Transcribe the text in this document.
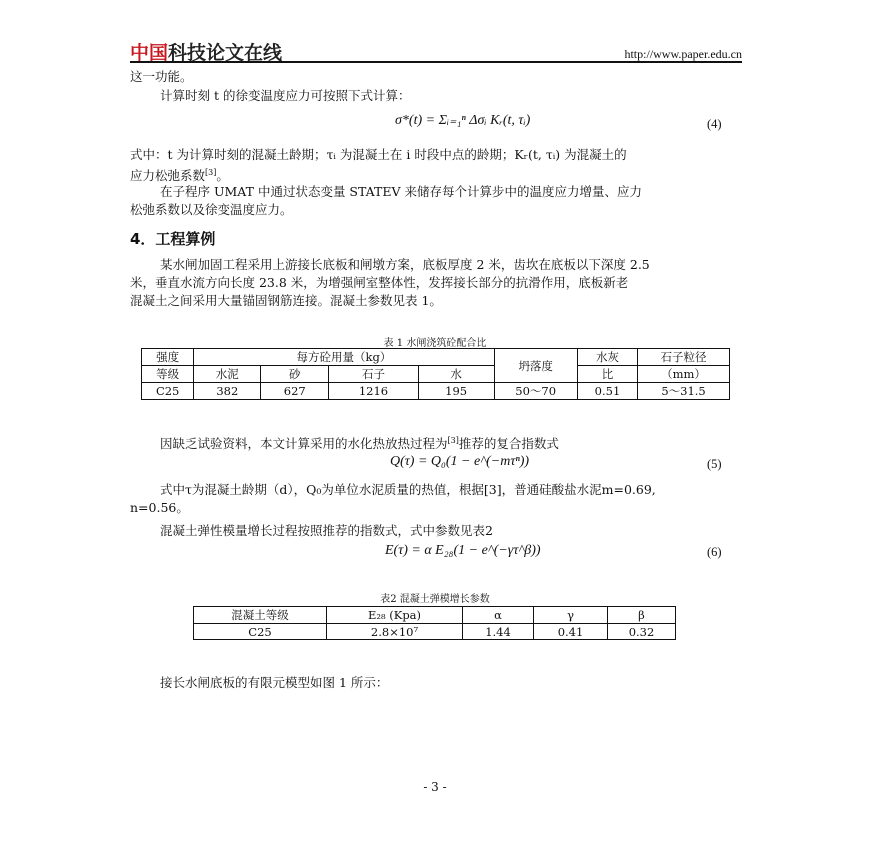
中国科技论文在线	http://www.paper.edu.cn
这一功能。
计算时刻 t 的徐变温度应力可按照下式计算：
σ*(t) = Σᵢ₌₁ⁿ Δσᵢ Kᵣ(t, τᵢ)	(4)
式中：t 为计算时刻的混凝土龄期；τᵢ 为混凝土在 i 时段中点的龄期；Kᵣ(t, τᵢ) 为混凝土的
应力松弛系数[3]。
在子程序 UMAT 中通过状态变量 STATEV 来储存每个计算步中的温度应力增量、应力
松弛系数以及徐变温度应力。
4．工程算例
某水闸加固工程采用上游接长底板和闸墩方案，底板厚度 2 米，齿坎在底板以下深度 2.5
米，垂直水流方向长度 23.8 米，为增强闸室整体性，发挥接长部分的抗滑作用，底板新老
混凝土之间采用大量锚固钢筋连接。混凝土参数见表 1。
表 1 水闸浇筑砼配合比
强度	每方砼用量（kg）				坍落度	水灰	石子粒径
等级	水泥	砂	石子	水		比	（mm）
C25	382	627	1216	195	50～70	0.51	5～31.5
因缺乏试验资料，本文计算采用的水化热放热过程为[3]推荐的复合指数式
Q(τ) = Q₀(1 − e^(−mτⁿ))	(5)
式中τ为混凝土龄期（d），Q₀为单位水泥质量的热值，根据[3]，普通硅酸盐水泥m=0.69,
n=0.56。
混凝土弹性模量增长过程按照推荐的指数式，式中参数见表2
E(τ) = α E₂₈(1 − e^(−γτ^β))	(6)
表2 混凝土弹模增长参数
混凝土等级	E₂₈ (Kpa)	α	γ	β
C25	2.8×10⁷	1.44	0.41	0.32
接长水闸底板的有限元模型如图 1 所示：
- 3 -
